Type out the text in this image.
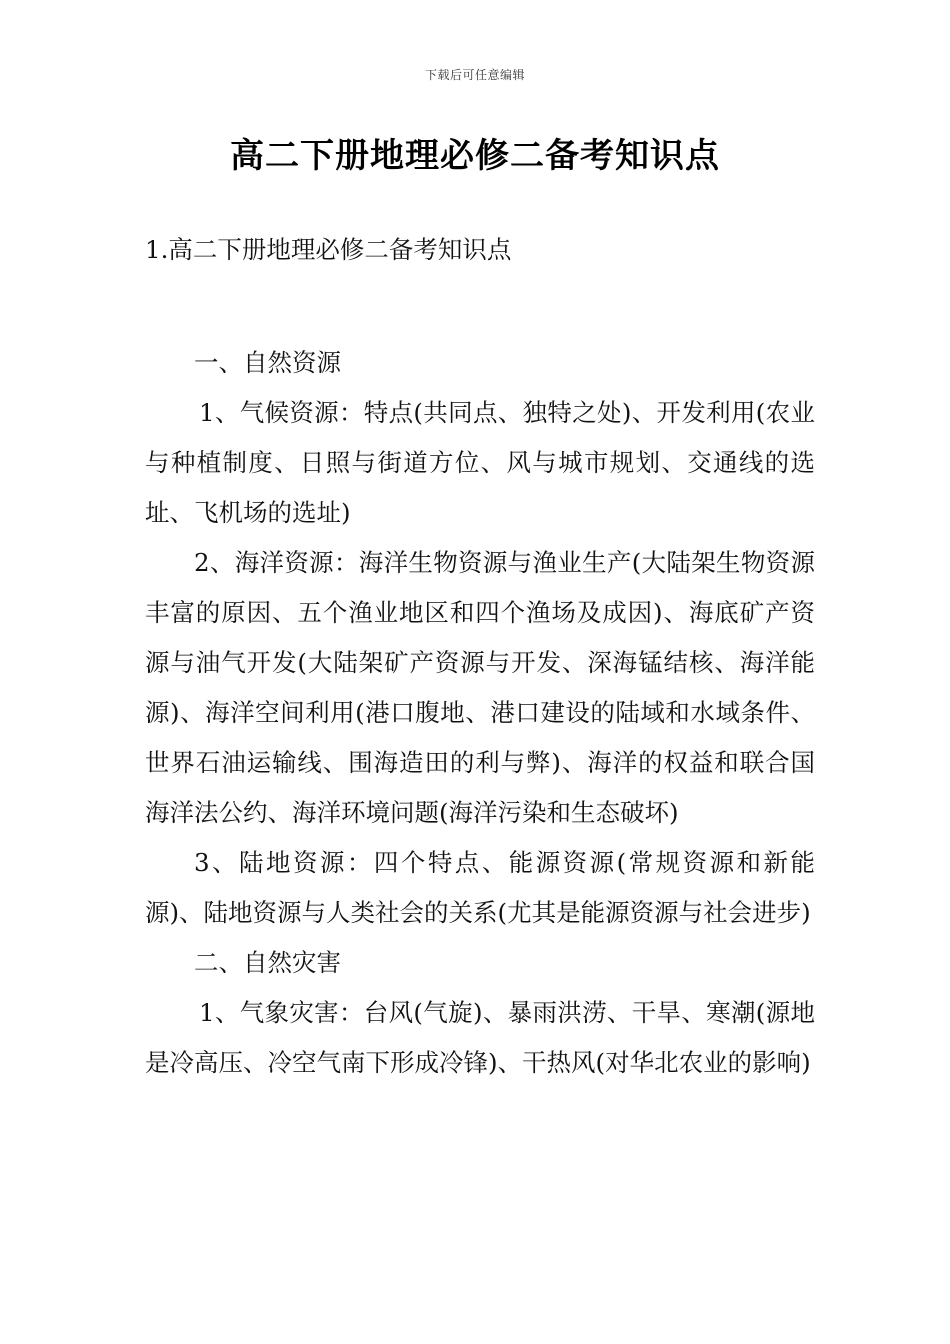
下载后可任意编辑
高二下册地理必修二备考知识点

1.高二下册地理必修二备考知识点

一、自然资源

1、气候资源：特点(共同点、独特之处)、开发利用(农业与种植制度、日照与街道方位、风与城市规划、交通线的选址、飞机场的选址)

2、海洋资源：海洋生物资源与渔业生产(大陆架生物资源丰富的原因、五个渔业地区和四个渔场及成因)、海底矿产资源与油气开发(大陆架矿产资源与开发、深海锰结核、海洋能源)、海洋空间利用(港口腹地、港口建设的陆域和水域条件、世界石油运输线、围海造田的利与弊)、海洋的权益和联合国海洋法公约、海洋环境问题(海洋污染和生态破坏)

3、陆地资源：四个特点、能源资源(常规资源和新能源)、陆地资源与人类社会的关系(尤其是能源资源与社会进步)

二、自然灾害

1、气象灾害：台风(气旋)、暴雨洪涝、干旱、寒潮(源地是冷高压、冷空气南下形成冷锋)、干热风(对华北农业的影响)
